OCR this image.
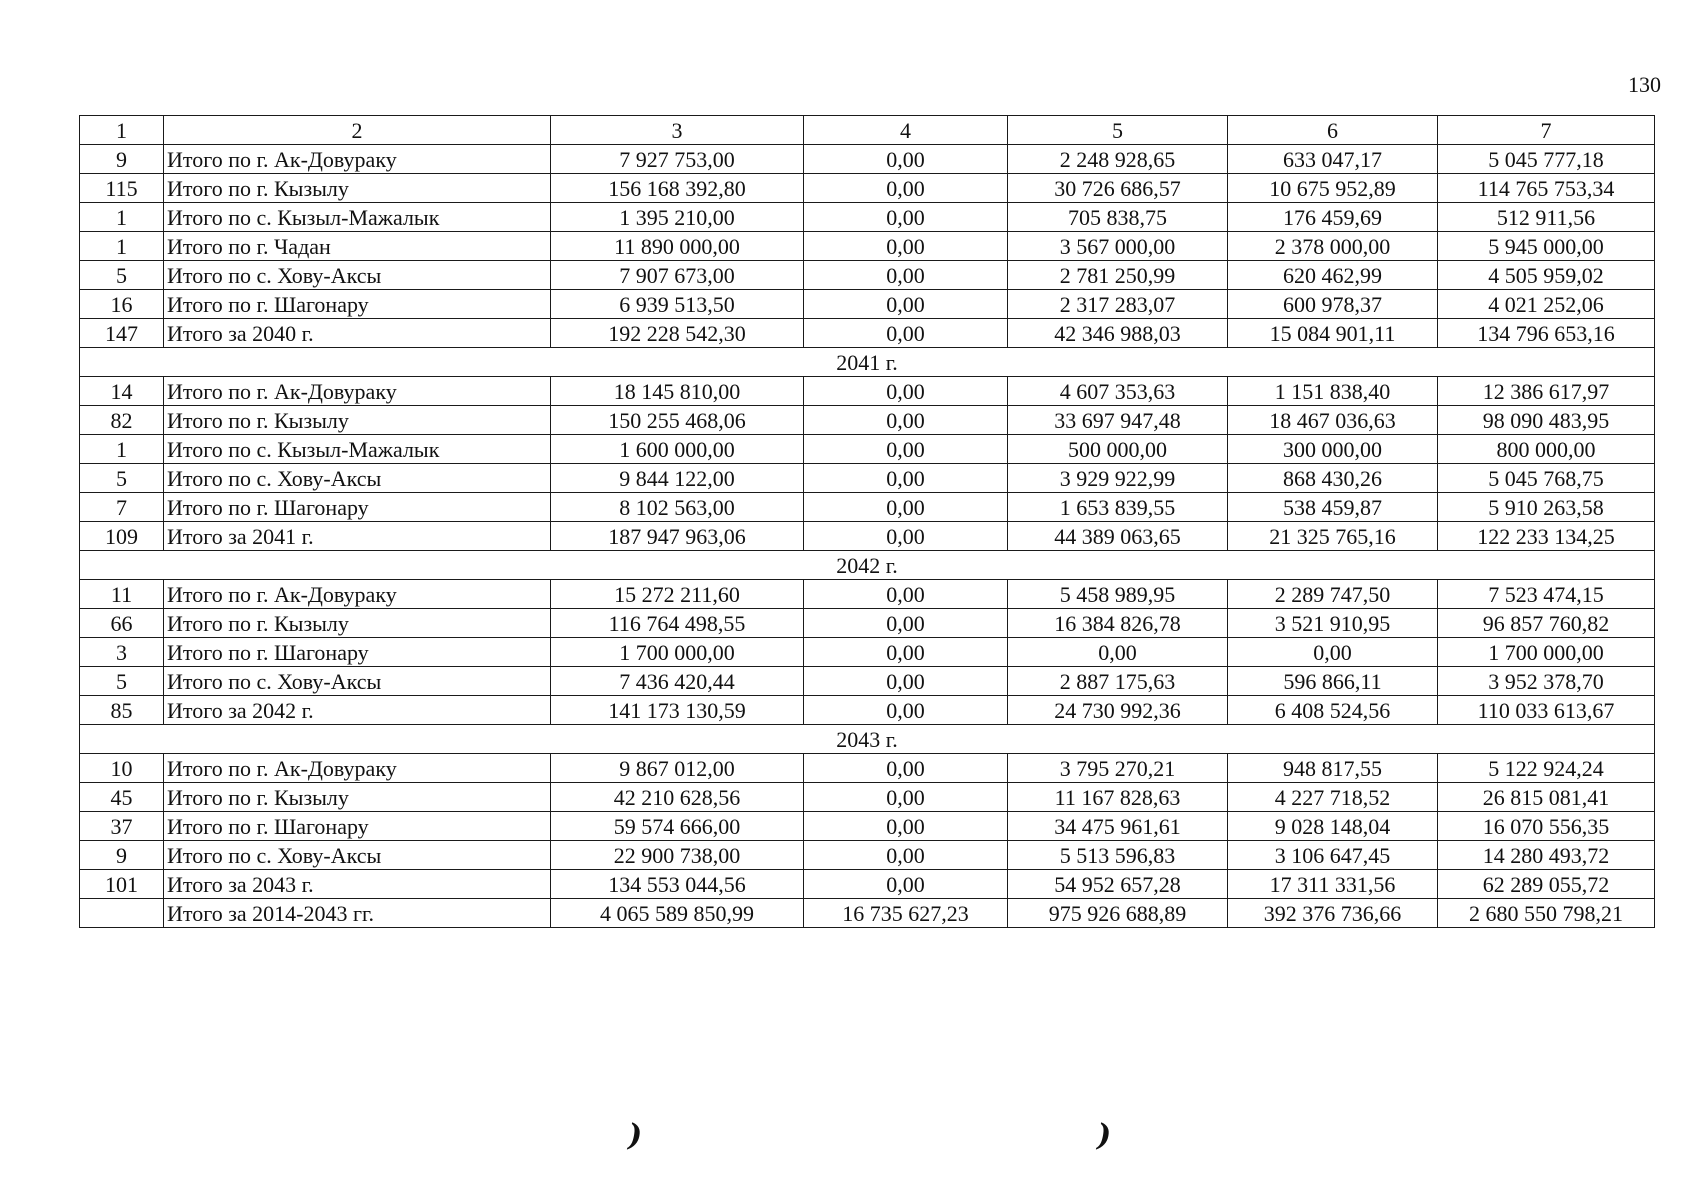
130
1	2	3	4	5	6	7
9	Итого по г. Ак-Довураку	7 927 753,00	0,00	2 248 928,65	633 047,17	5 045 777,18
115	Итого по г. Кызылу	156 168 392,80	0,00	30 726 686,57	10 675 952,89	114 765 753,34
1	Итого по с. Кызыл-Мажалык	1 395 210,00	0,00	705 838,75	176 459,69	512 911,56
1	Итого по г. Чадан	11 890 000,00	0,00	3 567 000,00	2 378 000,00	5 945 000,00
5	Итого по с. Хову-Аксы	7 907 673,00	0,00	2 781 250,99	620 462,99	4 505 959,02
16	Итого по г. Шагонару	6 939 513,50	0,00	2 317 283,07	600 978,37	4 021 252,06
147	Итого за 2040 г.	192 228 542,30	0,00	42 346 988,03	15 084 901,11	134 796 653,16
2041 г.						
14	Итого по г. Ак-Довураку	18 145 810,00	0,00	4 607 353,63	1 151 838,40	12 386 617,97
82	Итого по г. Кызылу	150 255 468,06	0,00	33 697 947,48	18 467 036,63	98 090 483,95
1	Итого по с. Кызыл-Мажалык	1 600 000,00	0,00	500 000,00	300 000,00	800 000,00
5	Итого по с. Хову-Аксы	9 844 122,00	0,00	3 929 922,99	868 430,26	5 045 768,75
7	Итого по г. Шагонару	8 102 563,00	0,00	1 653 839,55	538 459,87	5 910 263,58
109	Итого за 2041 г.	187 947 963,06	0,00	44 389 063,65	21 325 765,16	122 233 134,25
2042 г.						
11	Итого по г. Ак-Довураку	15 272 211,60	0,00	5 458 989,95	2 289 747,50	7 523 474,15
66	Итого по г. Кызылу	116 764 498,55	0,00	16 384 826,78	3 521 910,95	96 857 760,82
3	Итого по г. Шагонару	1 700 000,00	0,00	0,00	0,00	1 700 000,00
5	Итого по с. Хову-Аксы	7 436 420,44	0,00	2 887 175,63	596 866,11	3 952 378,70
85	Итого за 2042 г.	141 173 130,59	0,00	24 730 992,36	6 408 524,56	110 033 613,67
2043 г.						
10	Итого по г. Ак-Довураку	9 867 012,00	0,00	3 795 270,21	948 817,55	5 122 924,24
45	Итого по г. Кызылу	42 210 628,56	0,00	11 167 828,63	4 227 718,52	26 815 081,41
37	Итого по г. Шагонару	59 574 666,00	0,00	34 475 961,61	9 028 148,04	16 070 556,35
9	Итого по с. Хову-Аксы	22 900 738,00	0,00	5 513 596,83	3 106 647,45	14 280 493,72
101	Итого за 2043 г.	134 553 044,56	0,00	54 952 657,28	17 311 331,56	62 289 055,72
	Итого за 2014-2043 гг.	4 065 589 850,99	16 735 627,23	975 926 688,89	392 376 736,66	2 680 550 798,21
)	)
